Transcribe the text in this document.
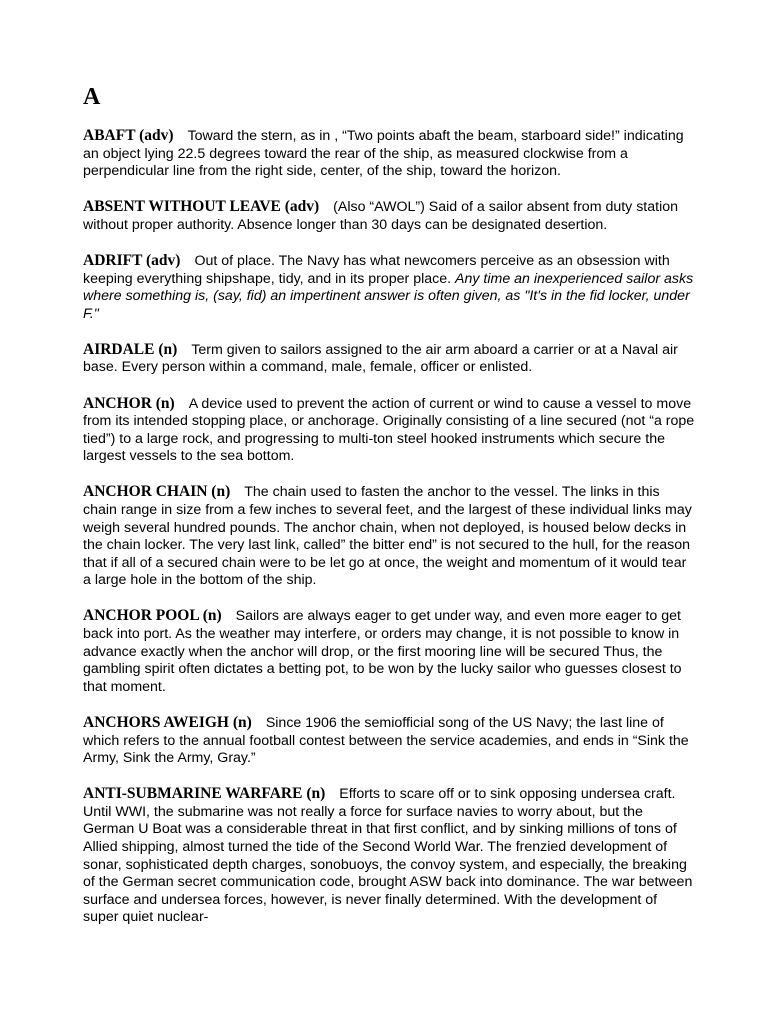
A

ABAFT (adv) Toward the stern, as in , “Two points abaft the beam, starboard side!” indicating an object lying 22.5 degrees toward the rear of the ship, as measured clockwise from a perpendicular line from the right side, center, of the ship, toward the horizon.

ABSENT WITHOUT LEAVE (adv) (Also “AWOL”) Said of a sailor absent from duty station without proper authority. Absence longer than 30 days can be designated desertion.

ADRIFT (adv) Out of place. The Navy has what newcomers perceive as an obsession with keeping everything shipshape, tidy, and in its proper place. Any time an inexperienced sailor asks where something is, (say, fid) an impertinent answer is often given, as "It's in the fid locker, under F."

AIRDALE (n) Term given to sailors assigned to the air arm aboard a carrier or at a Naval air base. Every person within a command, male, female, officer or enlisted.

ANCHOR (n) A device used to prevent the action of current or wind to cause a vessel to move from its intended stopping place, or anchorage. Originally consisting of a line secured (not “a rope tied”) to a large rock, and progressing to multi-ton steel hooked instruments which secure the largest vessels to the sea bottom.

ANCHOR CHAIN (n) The chain used to fasten the anchor to the vessel. The links in this chain range in size from a few inches to several feet, and the largest of these individual links may weigh several hundred pounds. The anchor chain, when not deployed, is housed below decks in the chain locker. The very last link, called” the bitter end” is not secured to the hull, for the reason that if all of a secured chain were to be let go at once, the weight and momentum of it would tear a large hole in the bottom of the ship.

ANCHOR POOL (n) Sailors are always eager to get under way, and even more eager to get back into port. As the weather may interfere, or orders may change, it is not possible to know in advance exactly when the anchor will drop, or the first mooring line will be secured Thus, the gambling spirit often dictates a betting pot, to be won by the lucky sailor who guesses closest to that moment.

ANCHORS AWEIGH (n) Since 1906 the semiofficial song of the US Navy; the last line of which refers to the annual football contest between the service academies, and ends in “Sink the Army, Sink the Army, Gray.”

ANTI-SUBMARINE WARFARE (n) Efforts to scare off or to sink opposing undersea craft. Until WWI, the submarine was not really a force for surface navies to worry about, but the German U Boat was a considerable threat in that first conflict, and by sinking millions of tons of Allied shipping, almost turned the tide of the Second World War. The frenzied development of sonar, sophisticated depth charges, sonobuoys, the convoy system, and especially, the breaking of the German secret communication code, brought ASW back into dominance. The war between surface and undersea forces, however, is never finally determined. With the development of super quiet nuclear-
